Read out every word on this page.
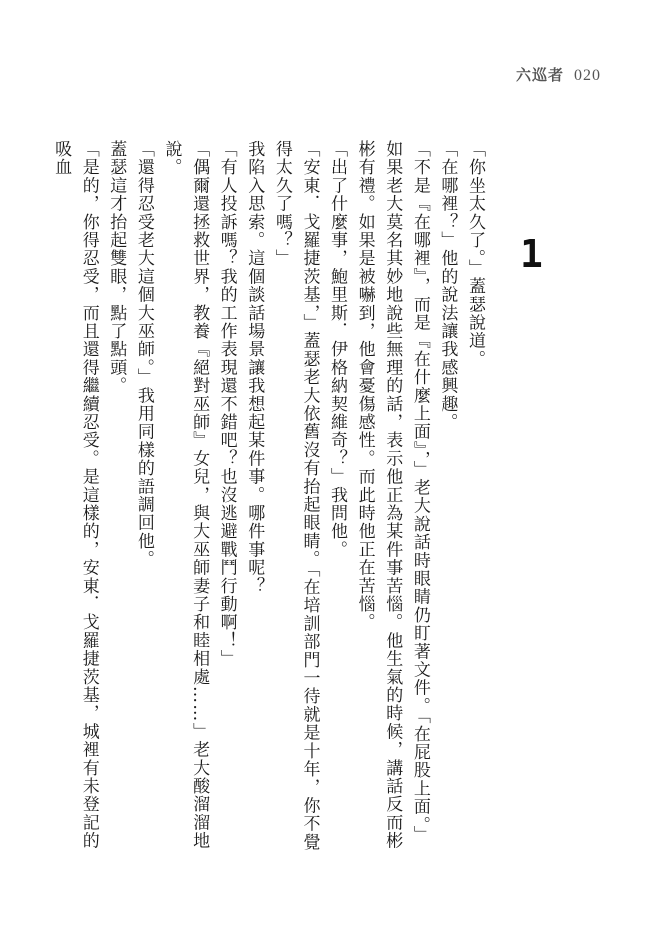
六巡者 020
1

「你坐太久了。」蓋瑟說道。

「在哪裡？」他的說法讓我感興趣。

「不是『在哪裡』，而是『在什麼上面』，」老大說話時眼睛仍盯著文件。「在屁股上面。」如果老大莫名其妙地說些無理的話，表示他正為某件事苦惱。他生氣的時候，講話反而彬彬有禮。如果是被嚇到，他會憂傷感性。而此時他正在苦惱。

「出了什麼事，鮑里斯．伊格納契維奇？」我問他。

「安東．戈羅捷茨基，」蓋瑟老大依舊沒有抬起眼睛。「在培訓部門一待就是十年，你不覺得太久了嗎？」

我陷入思索。這個談話場景讓我想起某件事。哪件事呢？

「有人投訴嗎？我的工作表現還不錯吧？也沒逃避戰鬥行動啊！」

「偶爾還拯救世界，教養『絕對巫師』女兒，與大巫師妻子和睦相處……」老大酸溜溜地說。

「還得忍受老大這個大巫師。」我用同樣的語調回他。

蓋瑟這才抬起雙眼，點了點頭。

「是的，你得忍受，而且還得繼續忍受。是這樣的，安東．戈羅捷茨基，城裡有未登記的吸血
